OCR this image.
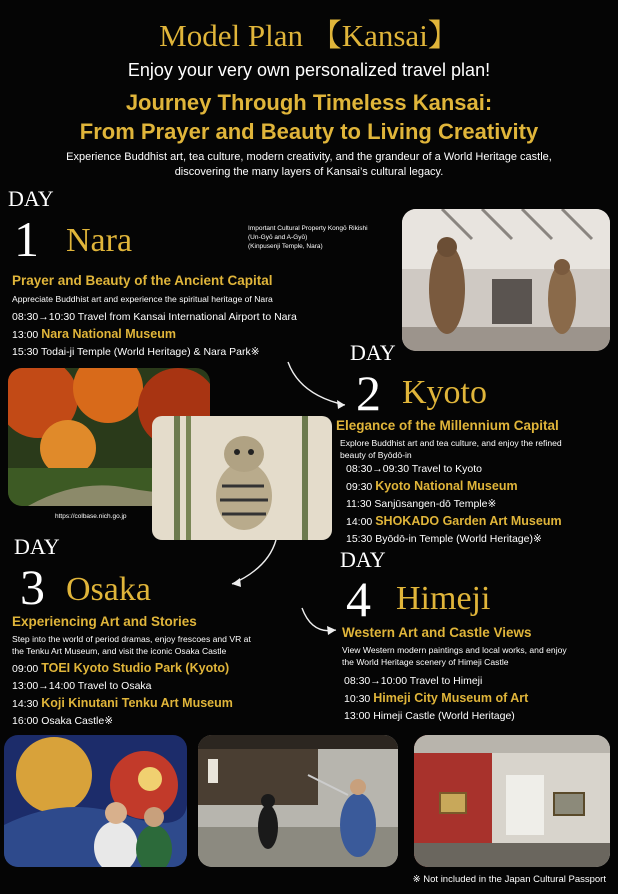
Model Plan 【Kansai】
Enjoy your very own personalized travel plan!
Journey Through Timeless Kansai:
From Prayer and Beauty to Living Creativity
Experience Buddhist art, tea culture, modern creativity, and the grandeur of a World Heritage castle,
discovering the many layers of Kansai’s cultural legacy.
DAY
1 Nara	Important Cultural Property Kongō Rikishi
(Un-Gyō and A-Gyō)
(Kinpusenji Temple, Nara)
Prayer and Beauty of the Ancient Capital
Appreciate Buddhist art and experience the spiritual heritage of Nara
08:30→10:30 Travel from Kansai International Airport to Nara
13:00 Nara National Museum
15:30 Todai-ji Temple (World Heritage) & Nara Park※
https://colbase.nich.go.jp
DAY
2 Kyoto
Elegance of the Millennium Capital
Explore Buddhist art and tea culture, and enjoy the refined
beauty of Byōdō-in
08:30→09:30 Travel to Kyoto
09:30 Kyoto National Museum
11:30 Sanjūsangen-dō Temple※
14:00 SHOKADO Garden Art Museum
15:30 Byōdō-in Temple (World Heritage)※
DAY
3 Osaka
Experiencing Art and Stories
Step into the world of period dramas, enjoy frescoes and VR at
the Tenku Art Museum, and visit the iconic Osaka Castle
09:00 TOEI Kyoto Studio Park (Kyoto)
13:00→14:00 Travel to Osaka
14:30 Koji Kinutani Tenku Art Museum
16:00 Osaka Castle※
DAY
4 Himeji
Western Art and Castle Views
View Western modern paintings and local works, and enjoy
the World Heritage scenery of Himeji Castle
08:30→10:00 Travel to Himeji
10:30 Himeji City Museum of Art
13:00 Himeji Castle (World Heritage)
※ Not included in the Japan Cultural Passport
